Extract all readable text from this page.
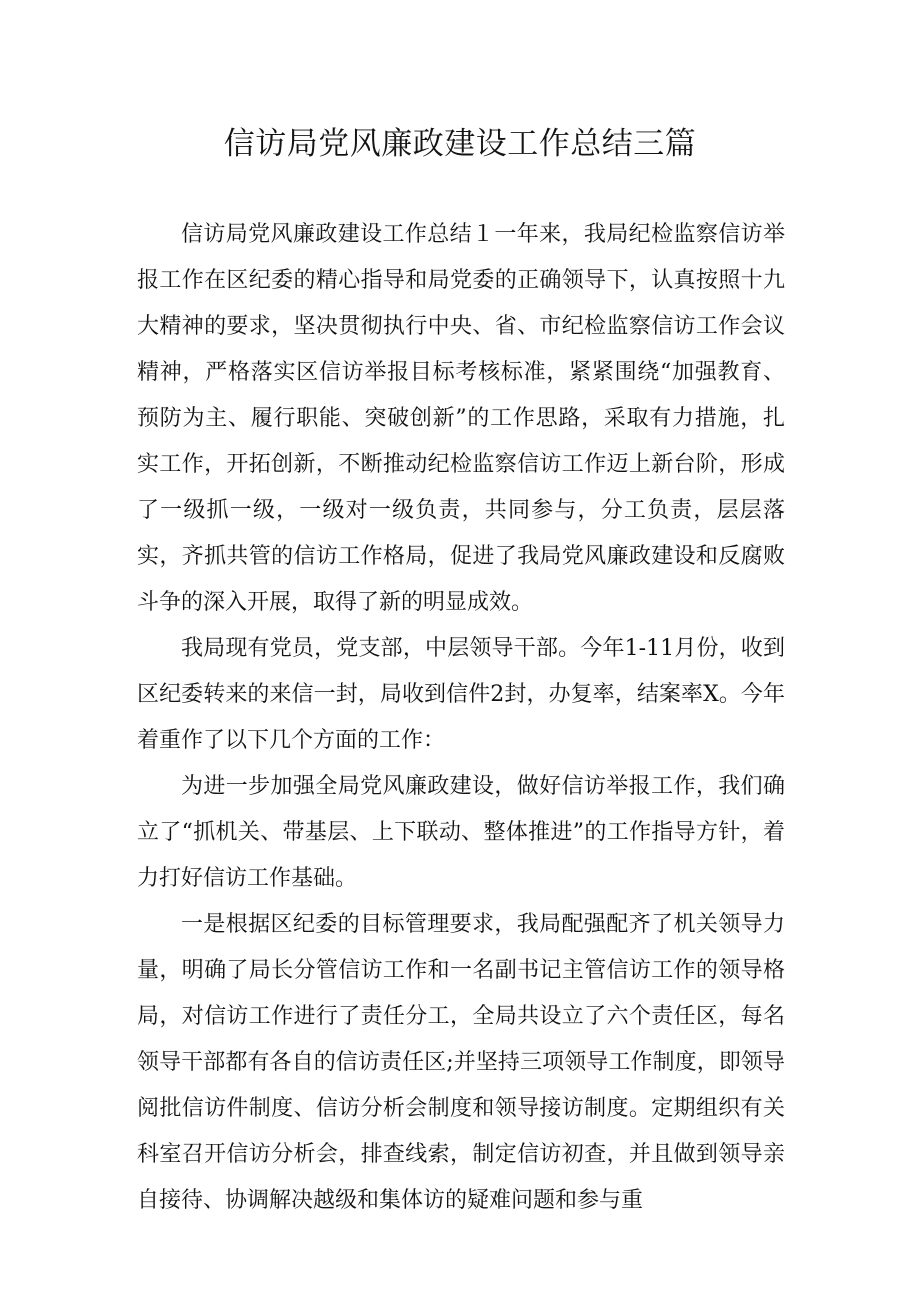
信访局党风廉政建设工作总结三篇

信访局党风廉政建设工作总结１一年来，我局纪检监察信访举报工作在区纪委的精心指导和局党委的正确领导下，认真按照十九大精神的要求，坚决贯彻执行中央、省、市纪检监察信访工作会议精神，严格落实区信访举报目标考核标准，紧紧围绕“加强教育、预防为主、履行职能、突破创新”的工作思路，采取有力措施，扎实工作，开拓创新，不断推动纪检监察信访工作迈上新台阶，形成了一级抓一级，一级对一级负责，共同参与，分工负责，层层落实，齐抓共管的信访工作格局，促进了我局党风廉政建设和反腐败斗争的深入开展，取得了新的明显成效。

我局现有党员，党支部，中层领导干部。今年1-11月份，收到区纪委转来的来信一封，局收到信件2封，办复率，结案率X。今年着重作了以下几个方面的工作：

为进一步加强全局党风廉政建设，做好信访举报工作，我们确立了“抓机关、带基层、上下联动、整体推进”的工作指导方针，着力打好信访工作基础。

一是根据区纪委的目标管理要求，我局配强配齐了机关领导力量，明确了局长分管信访工作和一名副书记主管信访工作的领导格局，对信访工作进行了责任分工，全局共设立了六个责任区，每名领导干部都有各自的信访责任区;并坚持三项领导工作制度，即领导阅批信访件制度、信访分析会制度和领导接访制度。定期组织有关科室召开信访分析会，排查线索，制定信访初查，并且做到领导亲自接待、协调解决越级和集体访的疑难问题和参与重
